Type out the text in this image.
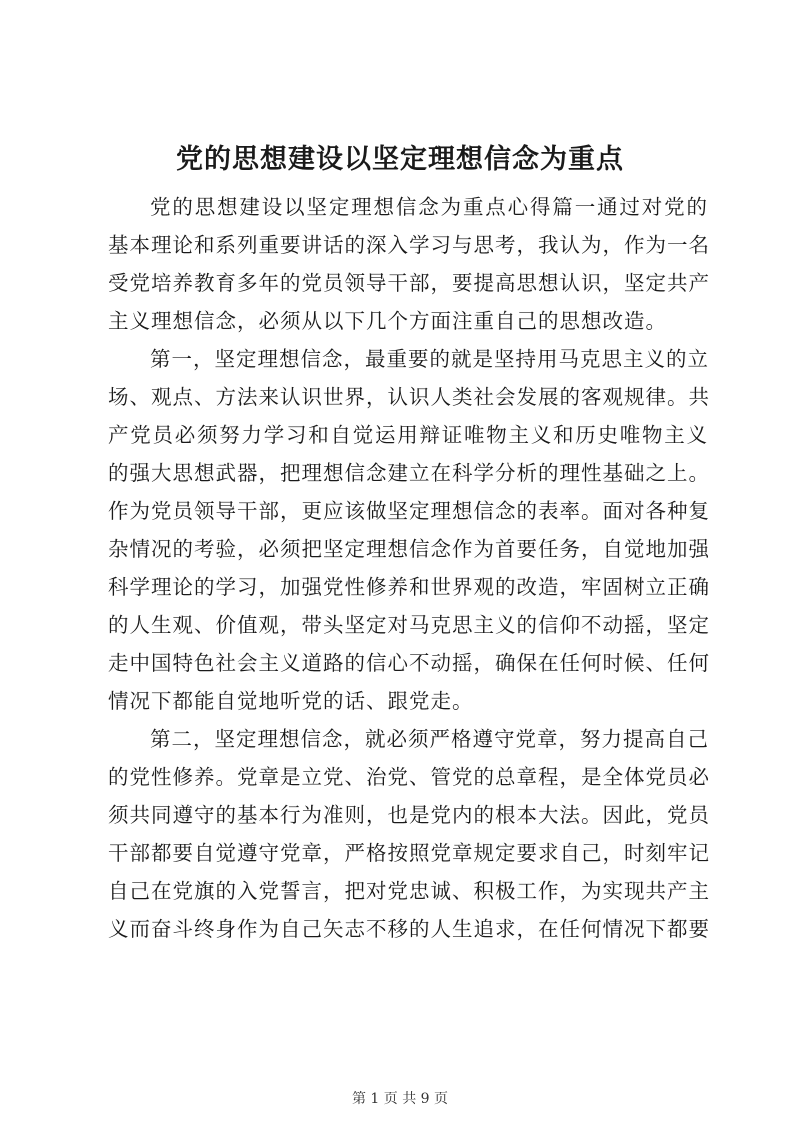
党的思想建设以坚定理想信念为重点

党的思想建设以坚定理想信念为重点心得篇一通过对党的
基本理论和系列重要讲话的深入学习与思考，我认为，作为一名
受党培养教育多年的党员领导干部，要提高思想认识，坚定共产
主义理想信念，必须从以下几个方面注重自己的思想改造。

第一，坚定理想信念，最重要的就是坚持用马克思主义的立
场、观点、方法来认识世界，认识人类社会发展的客观规律。共
产党员必须努力学习和自觉运用辩证唯物主义和历史唯物主义
的强大思想武器，把理想信念建立在科学分析的理性基础之上。
作为党员领导干部，更应该做坚定理想信念的表率。面对各种复
杂情况的考验，必须把坚定理想信念作为首要任务，自觉地加强
科学理论的学习，加强党性修养和世界观的改造，牢固树立正确
的人生观、价值观，带头坚定对马克思主义的信仰不动摇，坚定
走中国特色社会主义道路的信心不动摇，确保在任何时候、任何
情况下都能自觉地听党的话、跟党走。

第二，坚定理想信念，就必须严格遵守党章，努力提高自己
的党性修养。党章是立党、治党、管党的总章程，是全体党员必
须共同遵守的基本行为准则，也是党内的根本大法。因此，党员
干部都要自觉遵守党章，严格按照党章规定要求自己，时刻牢记
自己在党旗的入党誓言，把对党忠诚、积极工作，为实现共产主
义而奋斗终身作为自己矢志不移的人生追求，在任何情况下都要

第 1 页 共 9 页
